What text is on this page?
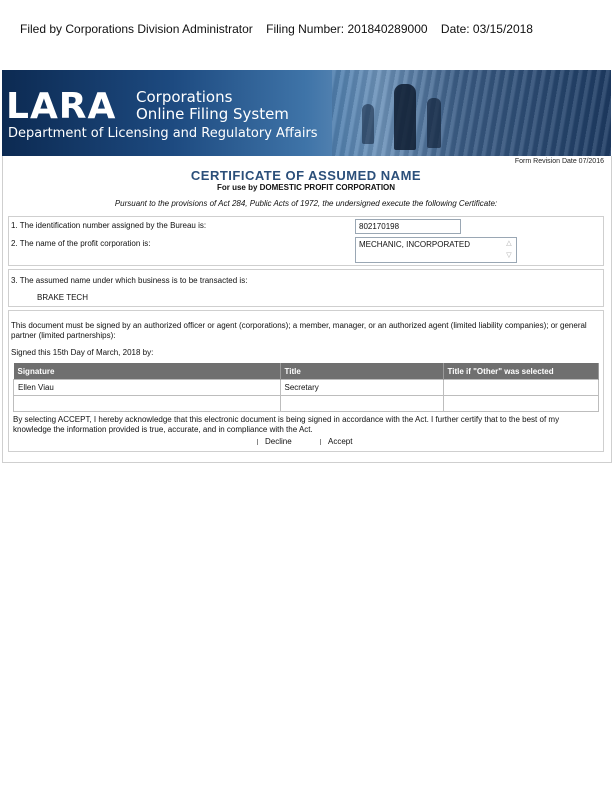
Filed by Corporations Division Administrator Filing Number: 201840289000 Date: 03/15/2018
LARA Corporations
Online Filing System
Department of Licensing and Regulatory Affairs
Form Revision Date 07/2016
CERTIFICATE OF ASSUMED NAME
For use by DOMESTIC PROFIT CORPORATION
Pursuant to the provisions of Act 284, Public Acts of 1972, the undersigned execute the following Certificate:
1. The identification number assigned by the Bureau is:	802170198
2. The name of the profit corporation is:	MECHANIC, INCORPORATED	△
▽
3. The assumed name under which business is to be transacted is:
BRAKE TECH
This document must be signed by an authorized officer or agent (corporations); a member, manager, or an authorized agent (limited liability companies); or general partner (limited partnerships):
Signed this 15th Day of March, 2018 by:
Signature	Title	Title if "Other" was selected
Ellen Viau	Secretary	

By selecting ACCEPT, I hereby acknowledge that this electronic document is being signed in accordance with the Act. I further certify that to the best of my knowledge the information provided is true, accurate, and in compliance with the Act.
Decline	Accept
